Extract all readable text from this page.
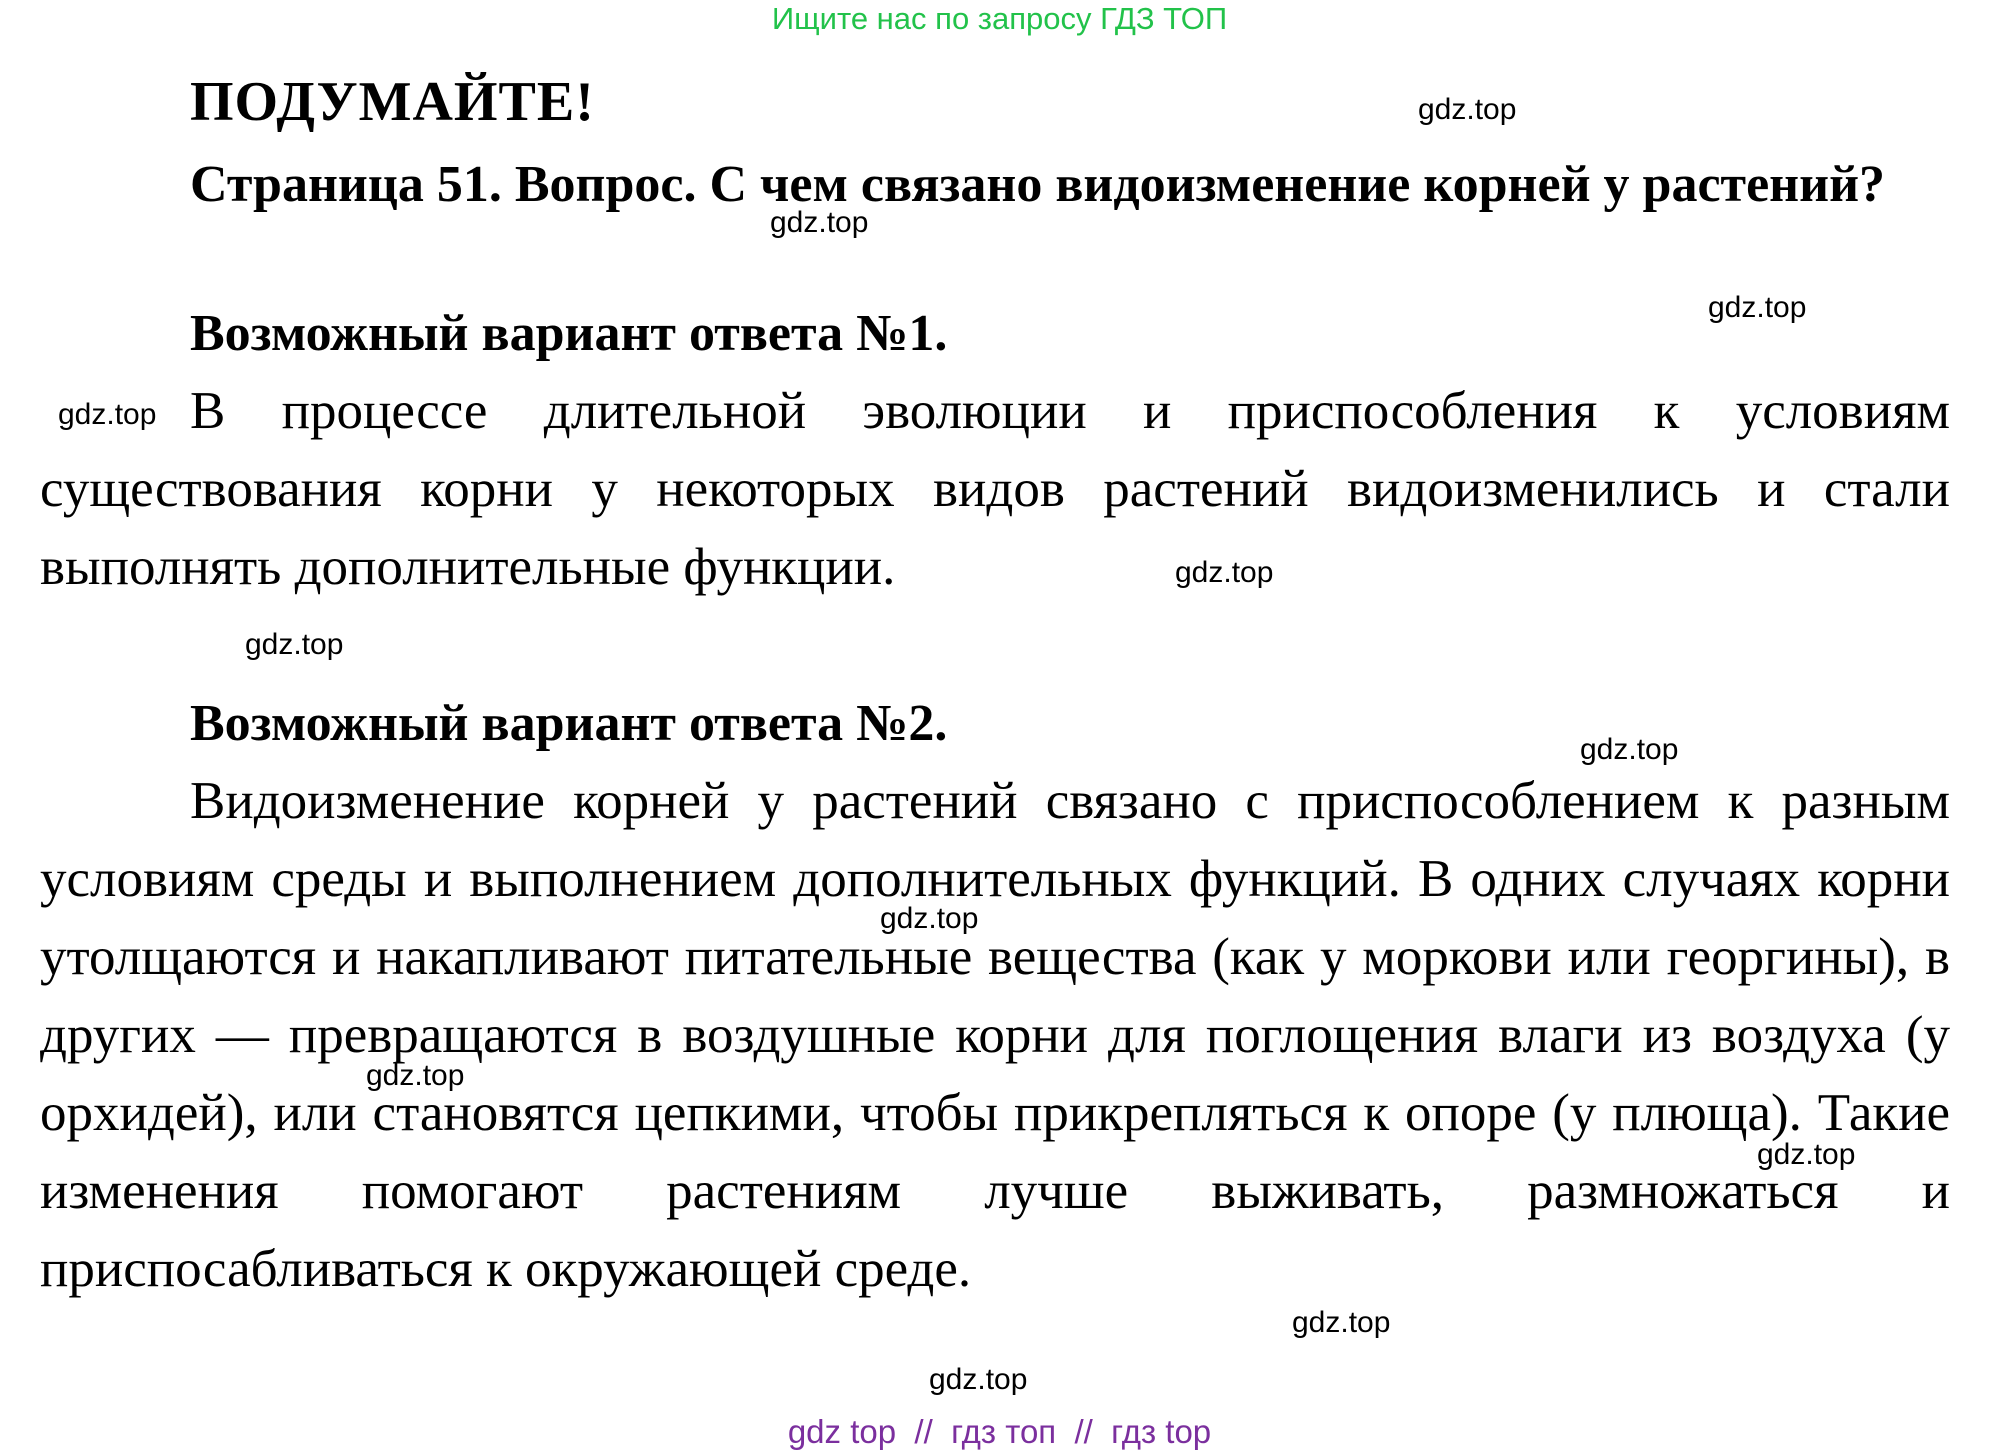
Ищите нас по запросу ГДЗ ТОП
ПОДУМАЙТЕ!
Страница 51. Вопрос. С чем связано видоизменение корней у растений?
Возможный вариант ответа №1.
В процессе длительной эволюции и приспособления к условиям существования корни у некоторых видов растений видоизменились и стали выполнять дополнительные функции.
Возможный вариант ответа №2.
Видоизменение корней у растений связано с приспособлением к разным условиям среды и выполнением дополнительных функций. В одних случаях корни утолщаются и накапливают питательные вещества (как у моркови или георгины), в других — превращаются в воздушные корни для поглощения влаги из воздуха (у орхидей), или становятся цепкими, чтобы прикрепляться к опоре (у плюща). Такие изменения помогают растениям лучше выживать, размножаться и приспосабливаться к окружающей среде.
gdz.top
gdz.top
gdz.top
gdz.top
gdz.top
gdz.top
gdz.top
gdz.top
gdz.top
gdz.top
gdz.top
gdz.top
gdz top  //  гдз топ  //  гдз top
